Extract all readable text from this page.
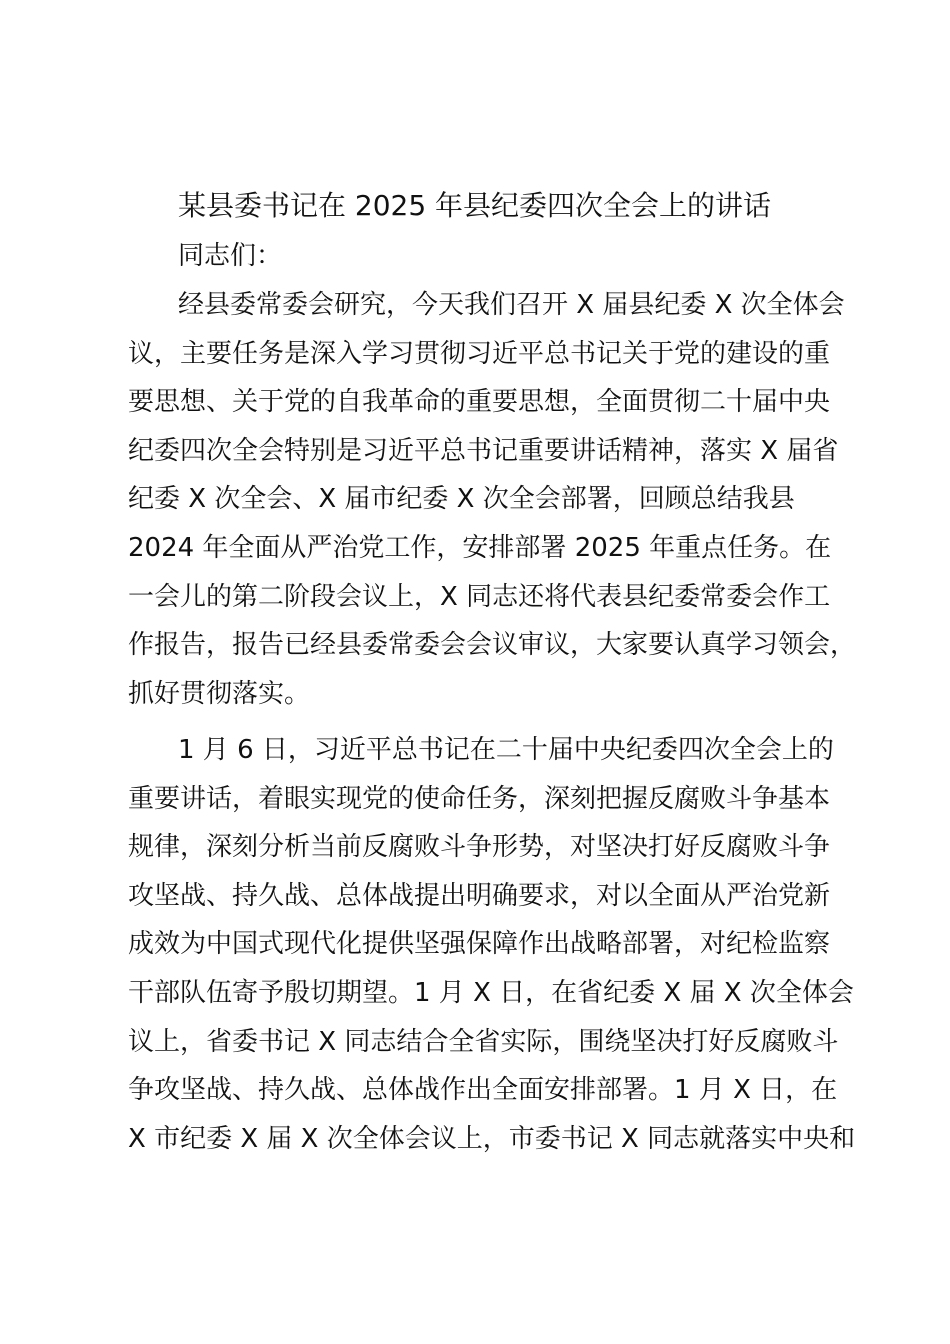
某县委书记在 2025 年县纪委四次全会上的讲话
同志们：
经县委常委会研究，今天我们召开 X 届县纪委 X 次全体会
议，主要任务是深入学习贯彻习近平总书记关于党的建设的重
要思想、关于党的自我革命的重要思想，全面贯彻二十届中央
纪委四次全会特别是习近平总书记重要讲话精神，落实 X 届省
纪委 X 次全会、X 届市纪委 X 次全会部署，回顾总结我县
2024 年全面从严治党工作，安排部署 2025 年重点任务。在
一会儿的第二阶段会议上，X 同志还将代表县纪委常委会作工
作报告，报告已经县委常委会会议审议，大家要认真学习领会，
抓好贯彻落实。
1 月 6 日，习近平总书记在二十届中央纪委四次全会上的
重要讲话，着眼实现党的使命任务，深刻把握反腐败斗争基本
规律，深刻分析当前反腐败斗争形势，对坚决打好反腐败斗争
攻坚战、持久战、总体战提出明确要求，对以全面从严治党新
成效为中国式现代化提供坚强保障作出战略部署，对纪检监察
干部队伍寄予殷切期望。1 月 X 日，在省纪委 X 届 X 次全体会
议上，省委书记 X 同志结合全省实际，围绕坚决打好反腐败斗
争攻坚战、持久战、总体战作出全面安排部署。1 月 X 日，在
X 市纪委 X 届 X 次全体会议上，市委书记 X 同志就落实中央和
